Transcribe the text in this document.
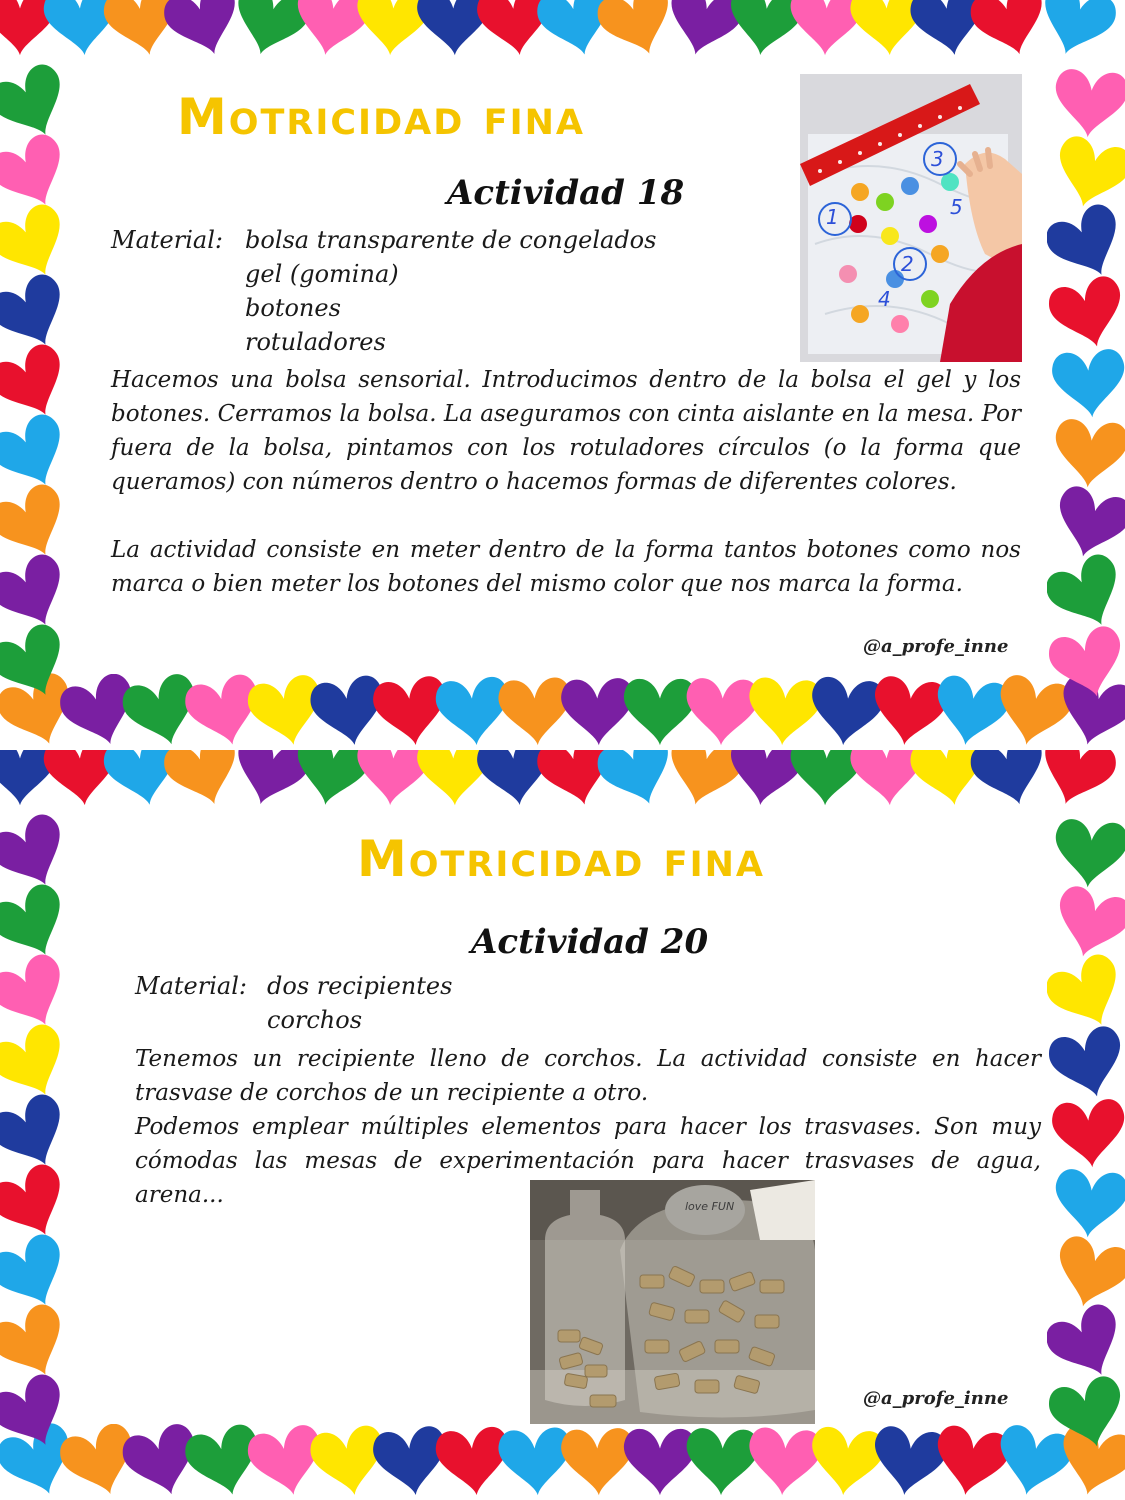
Motricidad fina
Actividad 18
Material: bolsa transparente de congelados
gel (gomina)
botones
rotuladores

Hacemos una bolsa sensorial. Introducimos dentro de la bolsa el gel y los botones. Cerramos la bolsa. La aseguramos con cinta aislante en la mesa. Por fuera de la bolsa, pintamos con los rotuladores círculos (o la forma que queramos) con números dentro o hacemos formas de diferentes colores.

La actividad consiste en meter dentro de la forma tantos botones como nos marca o bien meter los botones del mismo color que nos marca la forma.

@a_profe_inne
1
2
3
4
5
Motricidad fina
Actividad 20
Material: dos recipientes
corchos

Tenemos un recipiente lleno de corchos. La actividad consiste en hacer trasvase de corchos de un recipiente a otro.

Podemos emplear múltiples elementos para hacer los trasvases. Son muy cómodas las mesas de experimentación para hacer trasvases de agua, arena...

@a_profe_inne
love FUN
